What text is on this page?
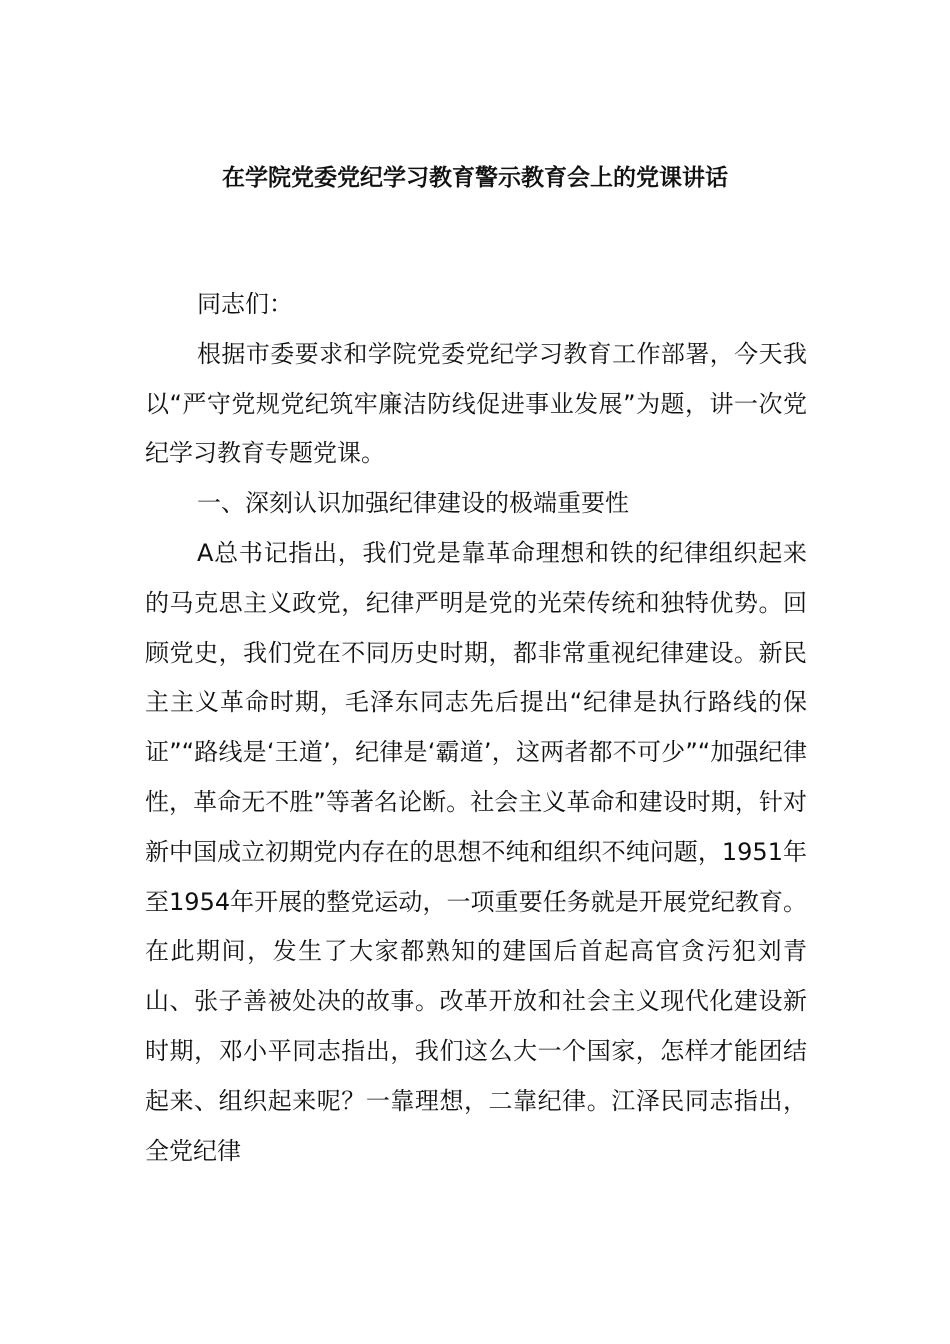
在学院党委党纪学习教育警示教育会上的党课讲话

同志们：

根据市委要求和学院党委党纪学习教育工作部署，今天我以“严守党规党纪筑牢廉洁防线促进事业发展”为题，讲一次党纪学习教育专题党课。

一、深刻认识加强纪律建设的极端重要性

A总书记指出，我们党是靠革命理想和铁的纪律组织起来的马克思主义政党，纪律严明是党的光荣传统和独特优势。回顾党史，我们党在不同历史时期，都非常重视纪律建设。新民主主义革命时期，毛泽东同志先后提出“纪律是执行路线的保证”“路线是‘王道’，纪律是‘霸道’，这两者都不可少”“加强纪律性，革命无不胜”等著名论断。社会主义革命和建设时期，针对新中国成立初期党内存在的思想不纯和组织不纯问题，1951年至1954年开展的整党运动，一项重要任务就是开展党纪教育。在此期间，发生了大家都熟知的建国后首起高官贪污犯刘青山、张子善被处决的故事。改革开放和社会主义现代化建设新时期，邓小平同志指出，我们这么大一个国家，怎样才能团结起来、组织起来呢？一靠理想，二靠纪律。江泽民同志指出，全党纪律
